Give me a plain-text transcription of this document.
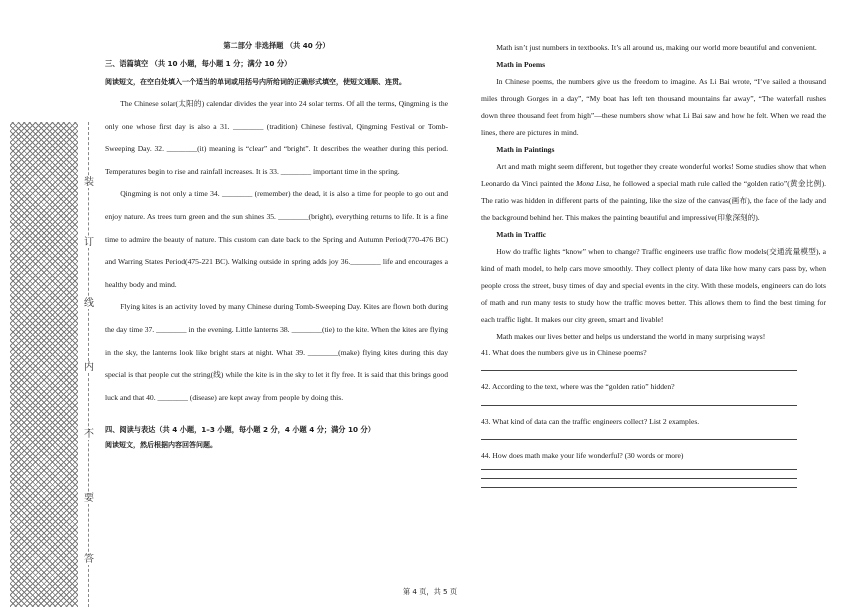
装
订
线
内
不
要
答
第二部分 非选择题 （共 40 分）
三、语篇填空 （共 10 小题，每小题 1 分；满分 10 分）
阅读短文，在空白处填入一个适当的单词或用括号内所给词的正确形式填空，使短文通顺、连贯。
The Chinese solar(太阳的) calendar divides the year into 24 solar terms. Of all the terms, Qingming is the only one whose first day is also a 31. ________ (tradition) Chinese festival, Qingming Festival or Tomb-Sweeping Day. 32. ________(it) meaning is “clear” and “bright”. It describes the weather during this period. Temperatures begin to rise and rainfall increases. It is 33. ________ important time in the spring.
Qingming is not only a time 34. ________ (remember) the dead, it is also a time for people to go out and enjoy nature. As trees turn green and the sun shines 35. ________(bright), everything returns to life. It is a fine time to admire the beauty of nature. This custom can date back to the Spring and Autumn Period(770-476 BC) and Warring States Period(475-221 BC). Walking outside in spring adds joy 36.________ life and encourages a healthy body and mind.
Flying kites is an activity loved by many Chinese during Tomb-Sweeping Day. Kites are flown both during the day time 37. ________ in the evening. Little lanterns 38. ________(tie) to the kite. When the kites are flying in the sky, the lanterns look like bright stars at night. What 39. ________(make) flying kites during this day special is that people cut the string(线) while the kite is in the sky to let it fly free. It is said that this brings good luck and that 40. ________ (disease) are kept away from people by doing this.
四、阅读与表达（共 4 小题，1–3 小题，每小题 2 分，4 小题 4 分；满分 10 分）
阅读短文，然后根据内容回答问题。
Math isn’t just numbers in textbooks. It’s all around us, making our world more beautiful and convenient.
Math in Poems
In Chinese poems, the numbers give us the freedom to imagine. As Li Bai wrote, “I’ve sailed a thousand miles through Gorges in a day”, “My boat has left ten thousand mountains far away”, “The waterfall rushes down three thousand feet from high”—these numbers show what Li Bai saw and how he felt. When we read the lines, there are pictures in mind.
Math in Paintings
Art and math might seem different, but together they create wonderful works! Some studies show that when Leonardo da Vinci painted the Mona Lisa, he followed a special math rule called the “golden ratio”(黄金比例). The ratio was hidden in different parts of the painting, like the size of the canvas(画布), the face of the lady and the background behind her. This makes the painting beautiful and impressive(印象深刻的).
Math in Traffic
How do traffic lights “know” when to change? Traffic engineers use traffic flow models(交通流量模型), a kind of math model, to help cars move smoothly. They collect plenty of data like how many cars pass by, when people cross the street, busy times of day and special events in the city. With these models, engineers can do lots of math and run many tests to study how the traffic moves better. This allows them to find the best timing for each traffic light. It makes our city green, smart and livable!
Math makes our lives better and helps us understand the world in many surprising ways!
41. What does the numbers give us in Chinese poems?
42. According to the text, where was the “golden ratio” hidden?
43. What kind of data can the traffic engineers collect? List 2 examples.
44. How does math make your life wonderful? (30 words or more)
第 4 页，共 5 页
